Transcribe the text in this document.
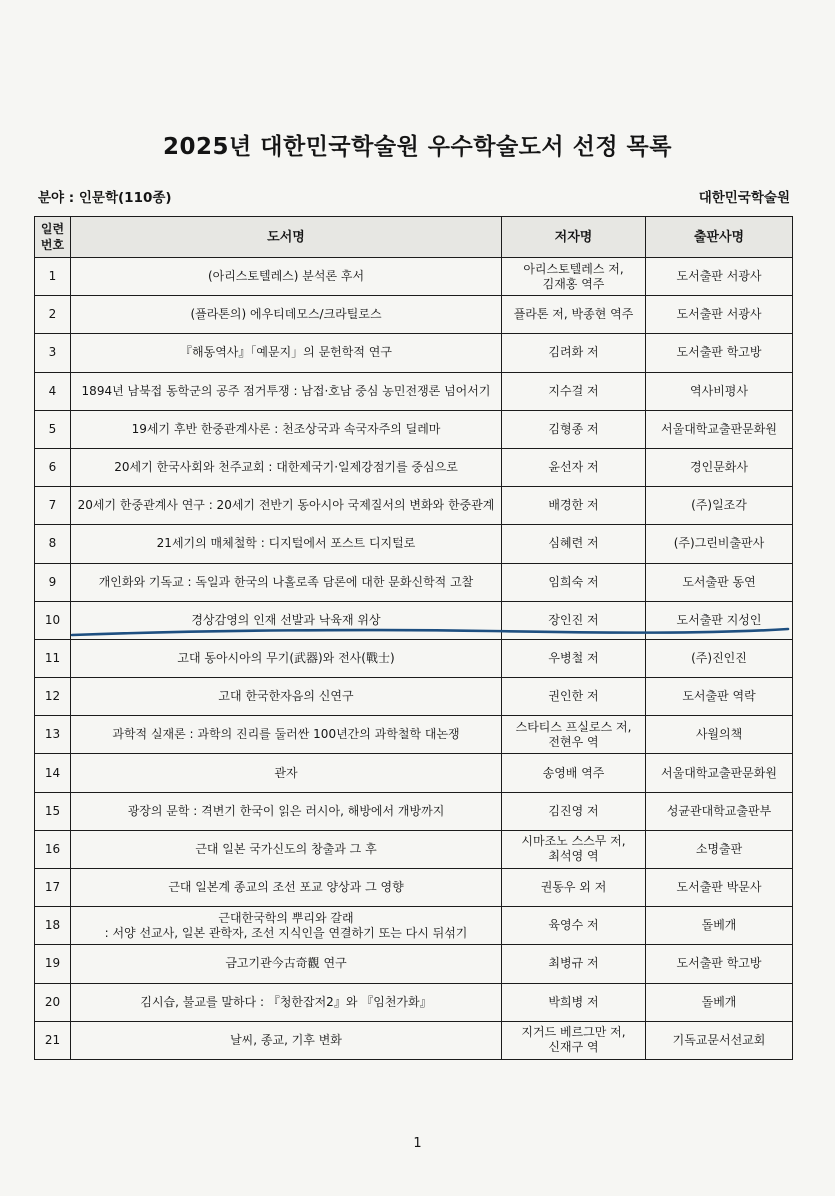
2025년 대한민국학술원 우수학술도서 선정 목록
분야 : 인문학(110종)	대한민국학술원
일련
번호	도서명	저자명	출판사명
1	(아리스토텔레스) 분석론 후서	아리스토텔레스 저,
김재홍 역주	도서출판 서광사
2	(플라톤의) 에우티데모스/크라틸로스	플라톤 저, 박종현 역주	도서출판 서광사
3	『해동역사』「예문지」의 문헌학적 연구	김려화 저	도서출판 학고방
4	1894년 남북접 동학군의 공주 점거투쟁 : 남접·호남 중심 농민전쟁론 넘어서기	지수걸 저	역사비평사
5	19세기 후반 한중관계사론 : 천조상국과 속국자주의 딜레마	김형종 저	서울대학교출판문화원
6	20세기 한국사회와 천주교회 : 대한제국기·일제강점기를 중심으로	윤선자 저	경인문화사
7	20세기 한중관계사 연구 : 20세기 전반기 동아시아 국제질서의 변화와 한중관계	배경한 저	(주)일조각
8	21세기의 매체철학 : 디지털에서 포스트 디지털로	심혜련 저	(주)그린비출판사
9	개인화와 기독교 : 독일과 한국의 나홀로족 담론에 대한 문화신학적 고찰	임희숙 저	도서출판 동연
10	경상감영의 인재 선발과 낙육재 위상	장인진 저	도서출판 지성인
11	고대 동아시아의 무기(武器)와 전사(戰士)	우병철 저	(주)진인진
12	고대 한국한자음의 신연구	권인한 저	도서출판 역락
13	과학적 실재론 : 과학의 진리를 둘러싼 100년간의 과학철학 대논쟁	스타티스 프실로스 저,
전현우 역	사월의책
14	관자	송영배 역주	서울대학교출판문화원
15	광장의 문학 : 격변기 한국이 읽은 러시아, 해방에서 개방까지	김진영 저	성균관대학교출판부
16	근대 일본 국가신도의 창출과 그 후	시마조노 스스무 저,
최석영 역	소명출판
17	근대 일본계 종교의 조선 포교 양상과 그 영향	권동우 외 저	도서출판 박문사
18	근대한국학의 뿌리와 갈래
: 서양 선교사, 일본 관학자, 조선 지식인을 연결하기 또는 다시 뒤섞기	육영수 저	돌베개
19	금고기관今古奇觀 연구	최병규 저	도서출판 학고방
20	김시습, 불교를 말하다 : 『청한잡저2』와 『임천가화』	박희병 저	돌베개
21	날씨, 종교, 기후 변화	지거드 베르그만 저,
신재구 역	기독교문서선교회
1
